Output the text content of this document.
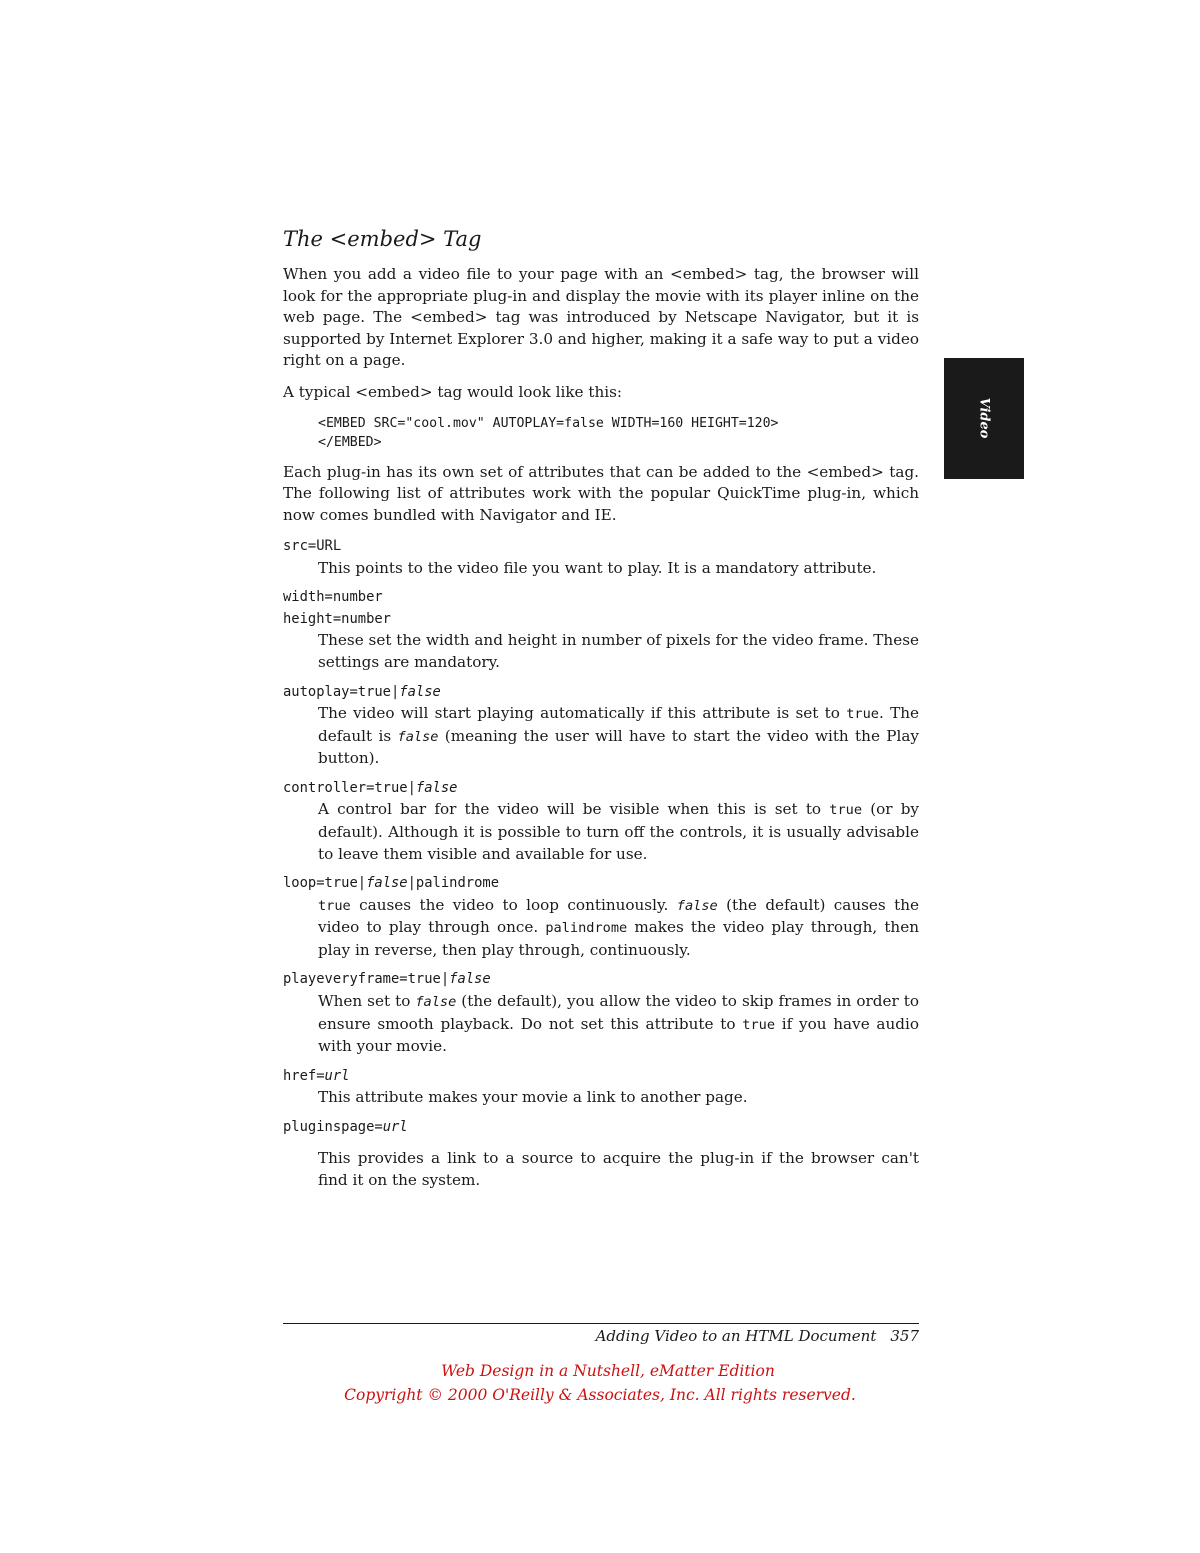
The <embed> Tag

When you add a video file to your page with an <embed> tag, the browser will look for the appropriate plug-in and display the movie with its player inline on the web page. The <embed> tag was introduced by Netscape Navigator, but it is supported by Internet Explorer 3.0 and higher, making it a safe way to put a video right on a page.

A typical <embed> tag would look like this:

<EMBED SRC="cool.mov" AUTOPLAY=false WIDTH=160 HEIGHT=120>
</EMBED>

Each plug-in has its own set of attributes that can be added to the <embed> tag. The following list of attributes work with the popular QuickTime plug-in, which now comes bundled with Navigator and IE.

src=URL

This points to the video file you want to play. It is a mandatory attribute.

width=number
height=number

These set the width and height in number of pixels for the video frame. These settings are mandatory.

autoplay=true|false

The video will start playing automatically if this attribute is set to true. The default is false (meaning the user will have to start the video with the Play button).

controller=true|false

A control bar for the video will be visible when this is set to true (or by default). Although it is possible to turn off the controls, it is usually advisable to leave them visible and available for use.

loop=true|false|palindrome

true causes the video to loop continuously. false (the default) causes the video to play through once. palindrome makes the video play through, then play in reverse, then play through, continuously.

playeveryframe=true|false

When set to false (the default), you allow the video to skip frames in order to ensure smooth playback. Do not set this attribute to true if you have audio with your movie.

href=url

This attribute makes your movie a link to another page.

pluginspage=url

This provides a link to a source to acquire the plug-in if the browser can't find it on the system.

Video
Adding Video to an HTML Document 357
Web Design in a Nutshell, eMatter Edition
Copyright © 2000 O'Reilly & Associates, Inc. All rights reserved.
